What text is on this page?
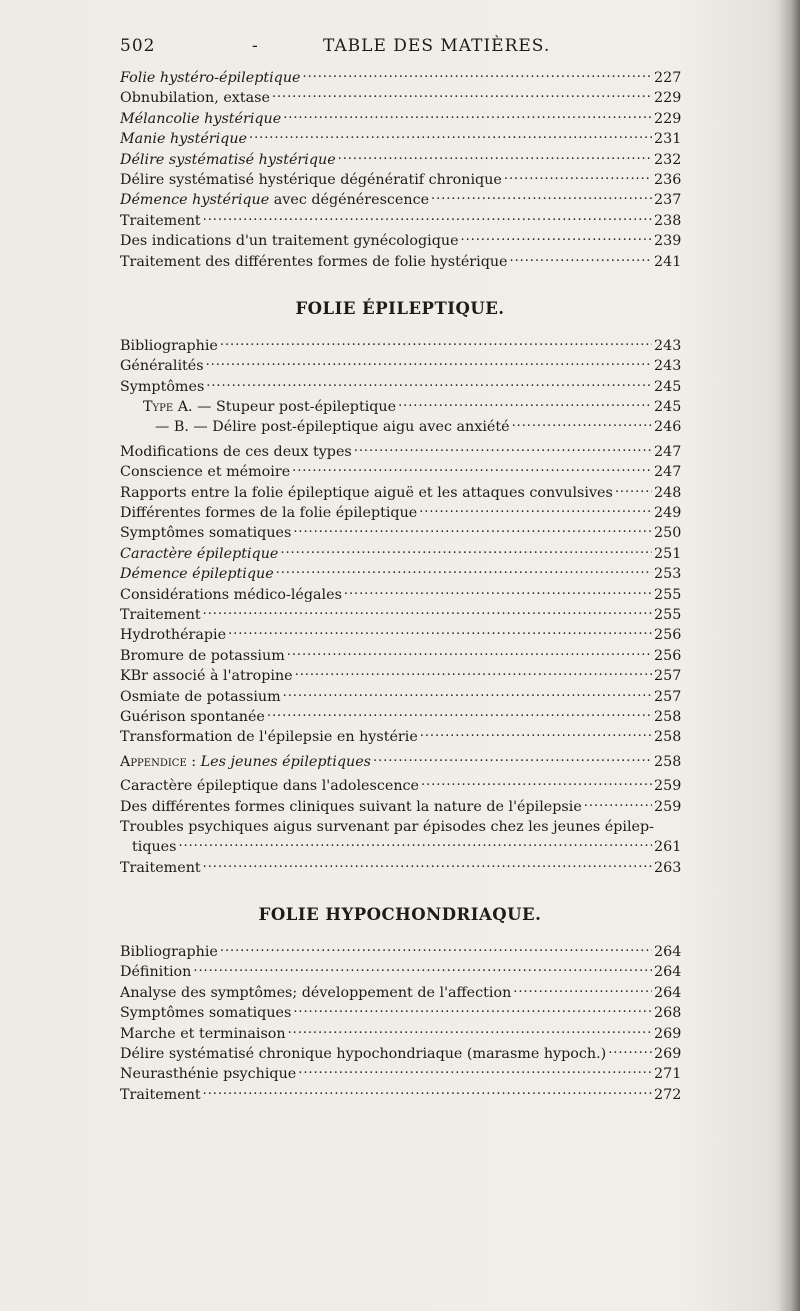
502	-	TABLE DES MATIÈRES.
Folie hystéro-épileptique . . .	227
Obnubilation, extase . . .	229
Mélancolie hystérique . . .	229
Manie hystérique . . .	231
Délire systématisé hystérique . . .	232
Délire systématisé hystérique dégénératif chronique . . .	236
Démence hystérique avec dégénérescence . . .	237
Traitement . . .	238
Des indications d'un traitement gynécologique . . .	239
Traitement des différentes formes de folie hystérique . . .	241
FOLIE ÉPILEPTIQUE.
Bibliographie . . .	243
Généralités . . .	243
Symptômes . . .	245
Type A. — Stupeur post-épileptique . . .	245
— B. — Délire post-épileptique aigu avec anxiété . . .	246
Modifications de ces deux types . . .	247
Conscience et mémoire . . .	247
Rapports entre la folie épileptique aiguë et les attaques convulsives . . .	248
Différentes formes de la folie épileptique . . .	249
Symptômes somatiques . . .	250
Caractère épileptique . . .	251
Démence épileptique . . .	253
Considérations médico-légales . . .	255
Traitement . . .	255
Hydrothérapie . . .	256
Bromure de potassium . . .	256
KBr associé à l'atropine . . .	257
Osmiate de potassium . . .	257
Guérison spontanée . . .	258
Transformation de l'épilepsie en hystérie . . .	258
Appendice : Les jeunes épileptiques . . .	258
Caractère épileptique dans l'adolescence . . .	259
Des différentes formes cliniques suivant la nature de l'épilepsie . . .	259
Troubles psychiques aigus survenant par épisodes chez les jeunes épilep-
tiques . . .	261
Traitement . . .	263
FOLIE HYPOCHONDRIAQUE.
Bibliographie . . .	264
Définition . . .	264
Analyse des symptômes; développement de l'affection . . .	264
Symptômes somatiques . . .	268
Marche et terminaison . . .	269
Délire systématisé chronique hypochondriaque (marasme hypoch.) . . .	269
Neurasthénie psychique . . .	271
Traitement . . .	272
